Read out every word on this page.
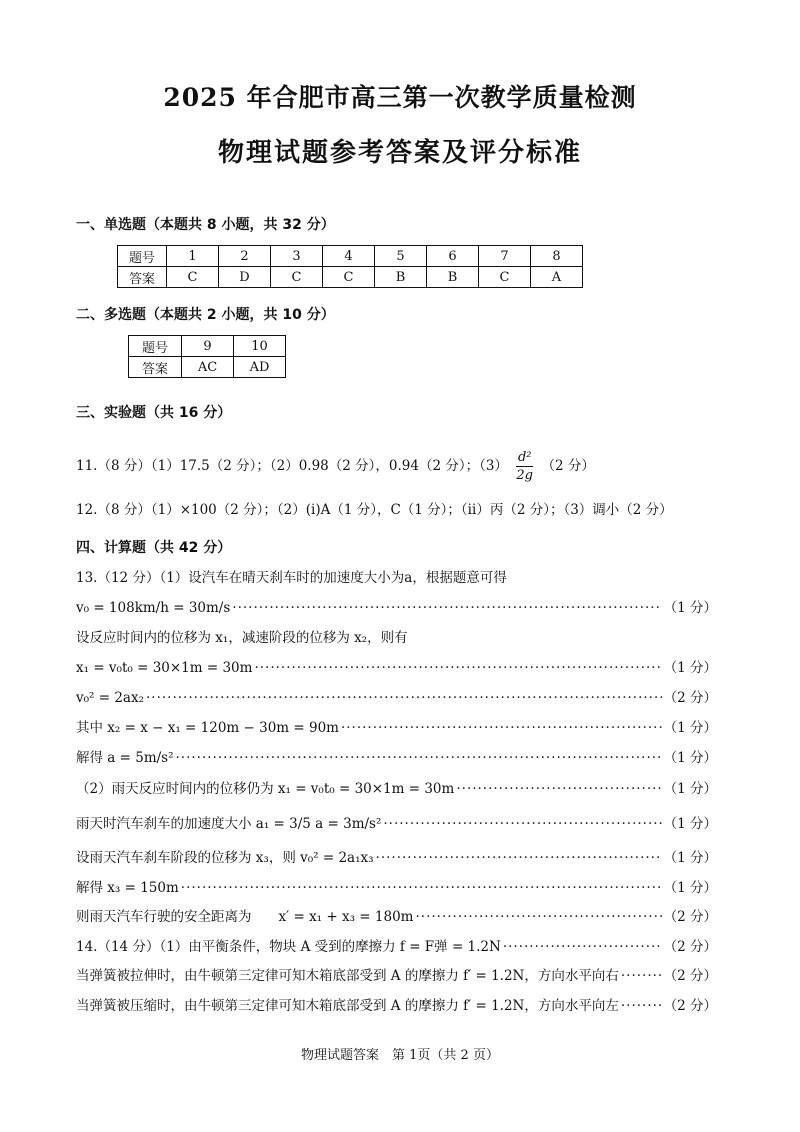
2025 年合肥市高三第一次教学质量检测
物理试题参考答案及评分标准
一、单选题（本题共 8 小题，共 32 分）
题号	1	2	3	4	5	6	7	8
答案	C	D	C	C	B	B	C	A
二、多选题（本题共 2 小题，共 10 分）
题号	9	10
答案	AC	AD
三、实验题（共 16 分）
11.（8 分）（1）17.5（2 分）；（2）0.98（2 分），0.94（2 分）；$(3) \frac{\text{d²}}{2g} (2$ 分）
12.（8 分）（1）×100（2 分）；（2）(ⅰ)A（1 分），C（1 分）；（ⅱ）丙（2 分）；（3）调小（2 分）
四、计算题（共 42 分）
13.（12 分）（1）设汽车在晴天刹车时的加速度大小为a，根据题意可得
v₀ = 108km/h = 30m/s ·····	（1 分）
设反应时间内的位移为 x₁，减速阶段的位移为 x₂，则有
x₁ = v₀t₀ = 30×1m = 30m ·····	（1 分）
v₀² = 2ax₂ ·····	（2 分）
其中 x₂ = x − x₁ = 120m − 30m = 90m ·····	（1 分）
解得 a = 5m/s² ·····	（1 分）
（2）雨天反应时间内的位移仍为 x₁ = v₀t₀ = 30×1m = 30m ·····	（1 分）
雨天时汽车刹车的加速度大小 a₁ = 3/5 a = 3m/s² ·····	（1 分）
设雨天汽车刹车阶段的位移为 x₃，则 v₀² = 2a₁x₃ ·····	（1 分）
解得 x₃ = 150m ·····	（1 分）
则雨天汽车行驶的安全距离为　　x′ = x₁ + x₃ = 180m ·····	（2 分）
14.（14 分）（1）由平衡条件，物块 A 受到的摩擦力 f = F弹 = 1.2N ·····	（2 分）
当弹簧被拉伸时，由牛顿第三定律可知木箱底部受到 A 的摩擦力 f′ = 1.2N，方向水平向右 ·····	（2 分）
当弹簧被压缩时，由牛顿第三定律可知木箱底部受到 A 的摩擦力 f′ = 1.2N，方向水平向左 ·····	（2 分）
物理试题答案　第 1页（共 2 页）
